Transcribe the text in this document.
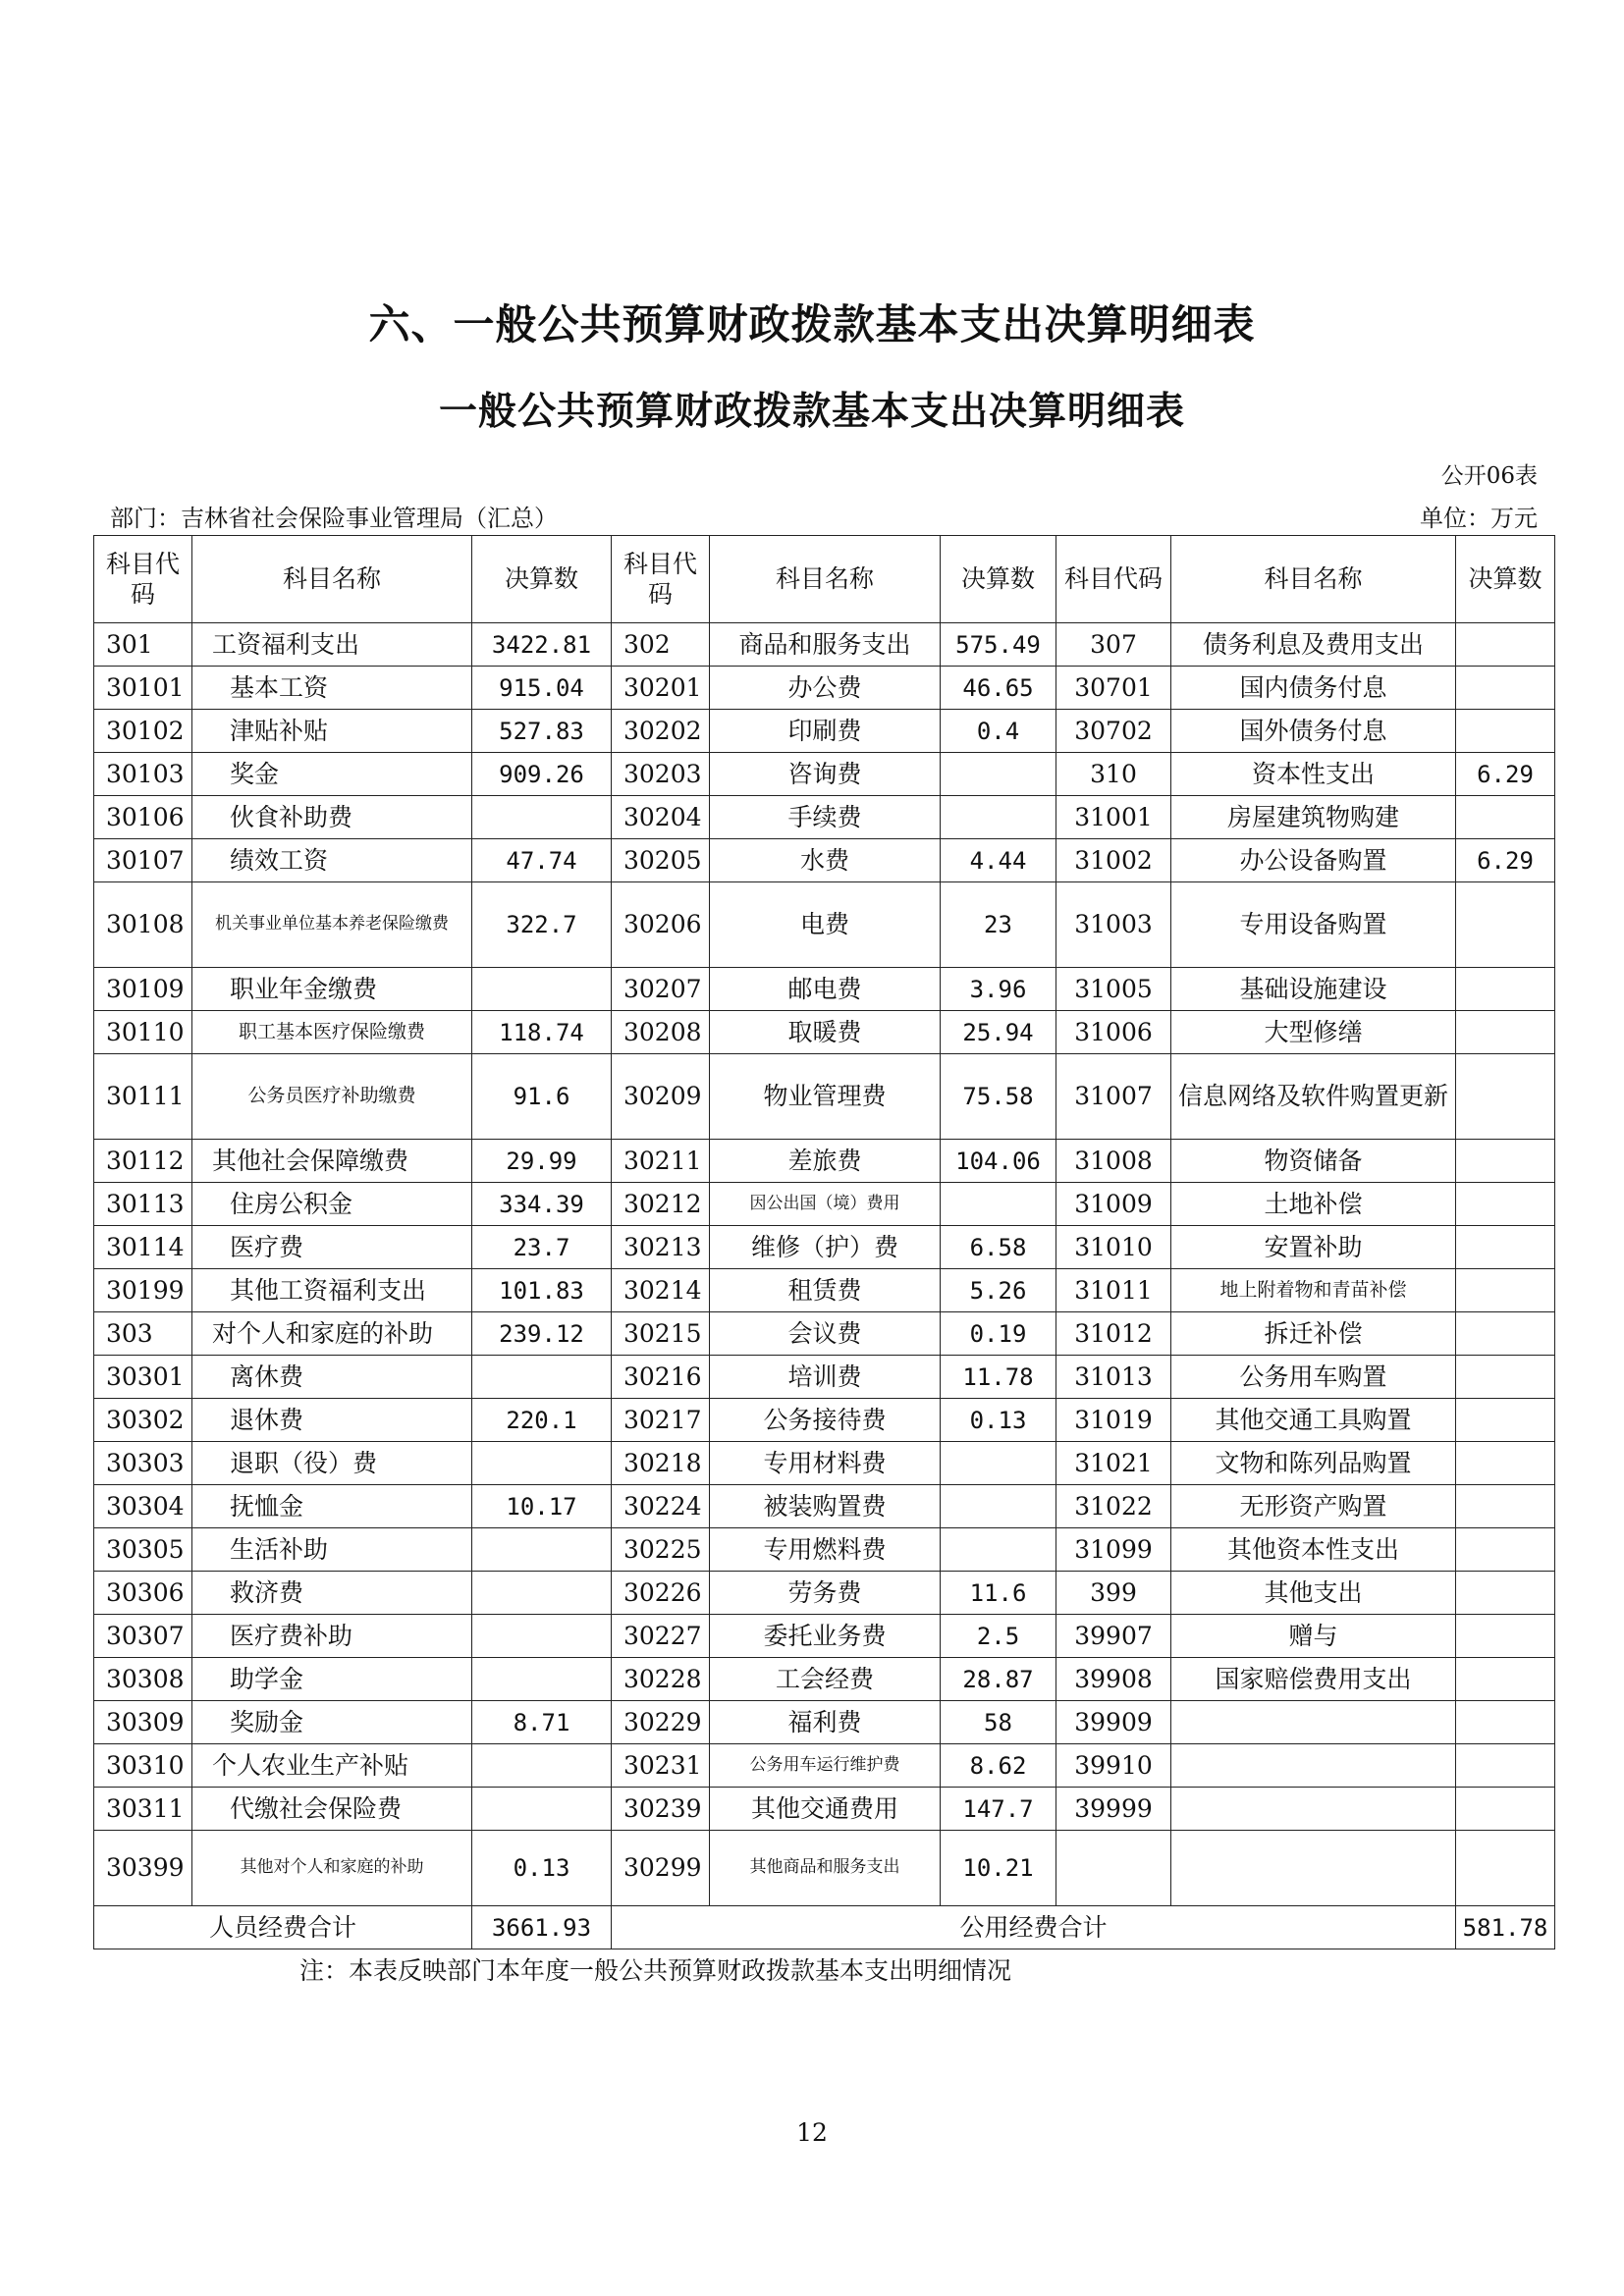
六、一般公共预算财政拨款基本支出决算明细表
一般公共预算财政拨款基本支出决算明细表
公开06表
部门：吉林省社会保险事业管理局（汇总）	单位：万元
科目代码	科目名称	决算数	科目代码	科目名称	决算数	科目代码	科目名称	决算数
301	工资福利支出	3422.81	302	商品和服务支出	575.49	307	债务利息及费用支出	
30101	基本工资	915.04	30201	办公费	46.65	30701	国内债务付息	
30102	津贴补贴	527.83	30202	印刷费	0.4	30702	国外债务付息	
30103	奖金	909.26	30203	咨询费		310	资本性支出	6.29
30106	伙食补助费		30204	手续费		31001	房屋建筑物购建	
30107	绩效工资	47.74	30205	水费	4.44	31002	办公设备购置	6.29
30108	机关事业单位基本养老保险缴费	322.7	30206	电费	23	31003	专用设备购置	
30109	职业年金缴费		30207	邮电费	3.96	31005	基础设施建设	
30110	职工基本医疗保险缴费	118.74	30208	取暖费	25.94	31006	大型修缮	
30111	公务员医疗补助缴费	91.6	30209	物业管理费	75.58	31007	信息网络及软件购置更新	
30112	其他社会保障缴费	29.99	30211	差旅费	104.06	31008	物资储备	
30113	住房公积金	334.39	30212	因公出国（境）费用		31009	土地补偿	
30114	医疗费	23.7	30213	维修（护）费	6.58	31010	安置补助	
30199	其他工资福利支出	101.83	30214	租赁费	5.26	31011	地上附着物和青苗补偿	
303	对个人和家庭的补助	239.12	30215	会议费	0.19	31012	拆迁补偿	
30301	离休费		30216	培训费	11.78	31013	公务用车购置	
30302	退休费	220.1	30217	公务接待费	0.13	31019	其他交通工具购置	
30303	退职（役）费		30218	专用材料费		31021	文物和陈列品购置	
30304	抚恤金	10.17	30224	被装购置费		31022	无形资产购置	
30305	生活补助		30225	专用燃料费		31099	其他资本性支出	
30306	救济费		30226	劳务费	11.6	399	其他支出	
30307	医疗费补助		30227	委托业务费	2.5	39907	赠与	
30308	助学金		30228	工会经费	28.87	39908	国家赔偿费用支出	
30309	奖励金	8.71	30229	福利费	58	39909		
30310	个人农业生产补贴		30231	公务用车运行维护费	8.62	39910		
30311	代缴社会保险费		30239	其他交通费用	147.7	39999		
30399	其他对个人和家庭的补助	0.13	30299	其他商品和服务支出	10.21			
人员经费合计		3661.93	公用经费合计					581.78
注：本表反映部门本年度一般公共预算财政拨款基本支出明细情况
12
